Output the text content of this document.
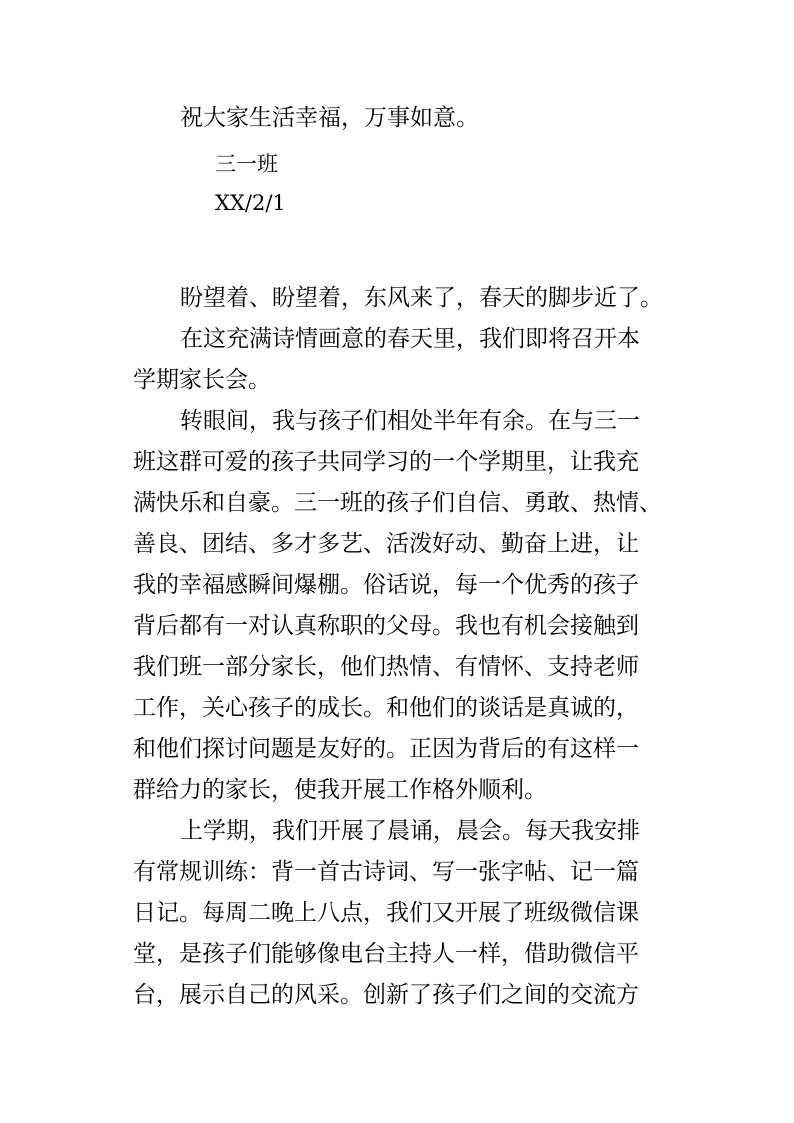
祝大家生活幸福，万事如意。
三一班
XX/2/1
盼望着、盼望着，东风来了，春天的脚步近了。
在这充满诗情画意的春天里，我们即将召开本
学期家长会。
转眼间，我与孩子们相处半年有余。在与三一
班这群可爱的孩子共同学习的一个学期里，让我充
满快乐和自豪。三一班的孩子们自信、勇敢、热情、
善良、团结、多才多艺、活泼好动、勤奋上进，让
我的幸福感瞬间爆棚。俗话说，每一个优秀的孩子
背后都有一对认真称职的父母。我也有机会接触到
我们班一部分家长，他们热情、有情怀、支持老师
工作，关心孩子的成长。和他们的谈话是真诚的，
和他们探讨问题是友好的。正因为背后的有这样一
群给力的家长，使我开展工作格外顺利。
上学期，我们开展了晨诵，晨会。每天我安排
有常规训练：背一首古诗词、写一张字帖、记一篇
日记。每周二晚上八点，我们又开展了班级微信课
堂，是孩子们能够像电台主持人一样，借助微信平
台，展示自己的风采。创新了孩子们之间的交流方
